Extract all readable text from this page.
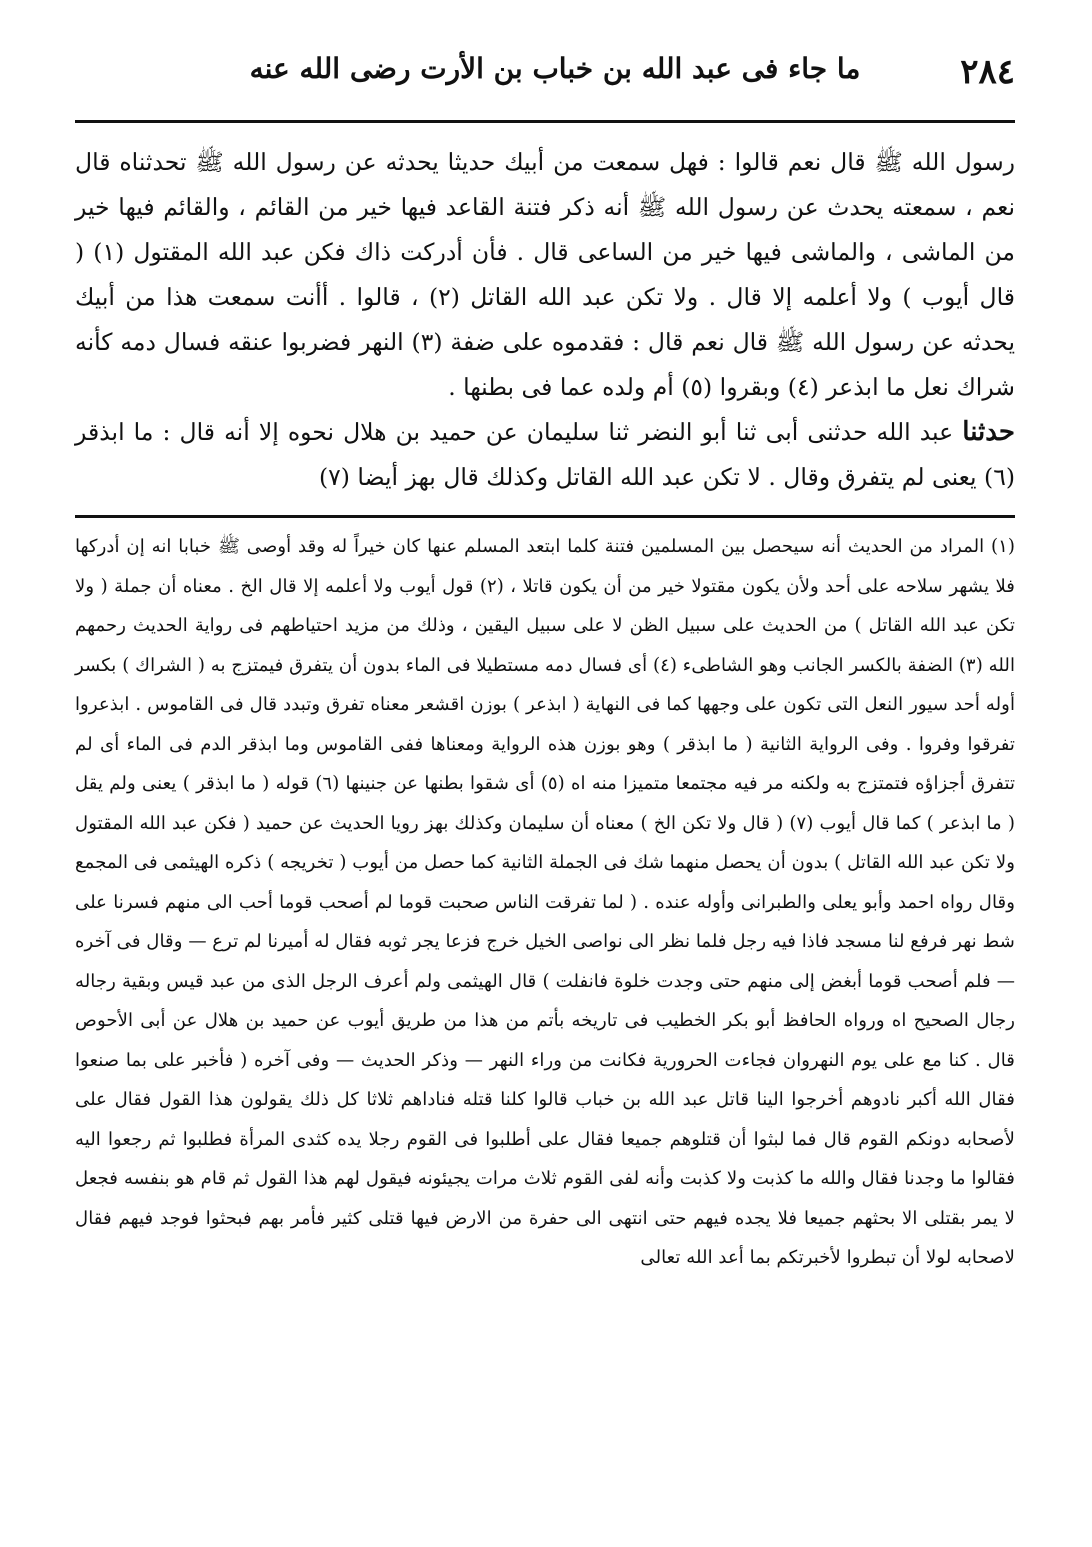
٢٨٤
ما جاء فى عبد الله بن خباب بن الأرت رضى الله عنه

رسول الله ﷺ قال نعم قالوا : فهل سمعت من أبيك حديثا يحدثه عن رسول الله ﷺ تحدثناه قال نعم ، سمعته يحدث عن رسول الله ﷺ أنه ذكر فتنة القاعد فيها خير من القائم ، والقائم فيها خير من الماشى ، والماشى فيها خير من الساعى قال . فأن أدركت ذاك فكن عبد الله المقتول (١) ( قال أيوب ) ولا أعلمه إلا قال . ولا تكن عبد الله القاتل (٢) ، قالوا . أأنت سمعت هذا من أبيك يحدثه عن رسول الله ﷺ قال نعم قال : فقدموه على ضفة (٣) النهر فضربوا عنقه فسال دمه كأنه شراك نعل ما ابذعر (٤) وبقروا (٥) أم ولده عما فى بطنها .

حدثنا عبد الله حدثنى أبى ثنا أبو النضر ثنا سليمان عن حميد بن هلال نحوه إلا أنه قال : ما ابذقر (٦) يعنى لم يتفرق وقال . لا تكن عبد الله القاتل وكذلك قال بهز أيضا (٧)

(١) المراد من الحديث أنه سيحصل بين المسلمين فتنة كلما ابتعد المسلم عنها كان خيراً له وقد أوصى ﷺ خبابا انه إن أدركها فلا يشهر سلاحه على أحد ولأن يكون مقتولا خير من أن يكون قاتلا ، (٢) قول أيوب ولا أعلمه إلا قال الخ . معناه أن جملة ( ولا تكن عبد الله القاتل ) من الحديث على سبيل الظن لا على سبيل اليقين ، وذلك من مزيد احتياطهم فى رواية الحديث رحمهم الله (٣) الضفة بالكسر الجانب وهو الشاطىء (٤) أى فسال دمه مستطيلا فى الماء بدون أن يتفرق فيمتزج به ( الشراك ) بكسر أوله أحد سيور النعل التى تكون على وجهها كما فى النهاية ( ابذعر ) بوزن اقشعر معناه تفرق وتبدد قال فى القاموس . ابذعروا تفرقوا وفروا . وفى الرواية الثانية ( ما ابذقر ) وهو بوزن هذه الرواية ومعناها ففى القاموس وما ابذقر الدم فى الماء أى لم تتفرق أجزاؤه فتمتزج به ولكنه مر فيه مجتمعا متميزا منه اه (٥) أى شقوا بطنها عن جنينها (٦) قوله ( ما ابذقر ) يعنى ولم يقل ( ما ابذعر ) كما قال أيوب (٧) ( قال ولا تكن الخ ) معناه أن سليمان وكذلك بهز رويا الحديث عن حميد ( فكن عبد الله المقتول ولا تكن عبد الله القاتل ) بدون أن يحصل منهما شك فى الجملة الثانية كما حصل من أيوب ( تخريجه ) ذكره الهيثمى فى المجمع وقال رواه احمد وأبو يعلى والطبرانى وأوله عنده . ( لما تفرقت الناس صحبت قوما لم أصحب قوما أحب الى منهم فسرنا على شط نهر فرفع لنا مسجد فاذا فيه رجل فلما نظر الى نواصى الخيل خرج فزعا يجر ثوبه فقال له أميرنا لم ترع — وقال فى آخره — فلم أصحب قوما أبغض إلى منهم حتى وجدت خلوة فانفلت ) قال الهيثمى ولم أعرف الرجل الذى من عبد قيس وبقية رجاله رجال الصحيح اه ورواه الحافظ أبو بكر الخطيب فى تاريخه بأتم من هذا من طريق أيوب عن حميد بن هلال عن أبى الأحوص قال . كنا مع على يوم النهروان فجاءت الحرورية فكانت من وراء النهر — وذكر الحديث — وفى آخره ( فأخبر على بما صنعوا فقال الله أكبر نادوهم أخرجوا الينا قاتل عبد الله بن خباب قالوا كلنا قتله فناداهم ثلاثا كل ذلك يقولون هذا القول فقال على لأصحابه دونكم القوم قال فما لبثوا أن قتلوهم جميعا فقال على أطلبوا فى القوم رجلا يده كثدى المرأة فطلبوا ثم رجعوا اليه فقالوا ما وجدنا فقال والله ما كذبت ولا كذبت وأنه لفى القوم ثلاث مرات يجيئونه فيقول لهم هذا القول ثم قام هو بنفسه فجعل لا يمر بقتلى الا بحثهم جميعا فلا يجده فيهم حتى انتهى الى حفرة من الارض فيها قتلى كثير فأمر بهم فبحثوا فوجد فيهم فقال لاصحابه لولا أن تبطروا لأخبرتكم بما أعد الله تعالى
